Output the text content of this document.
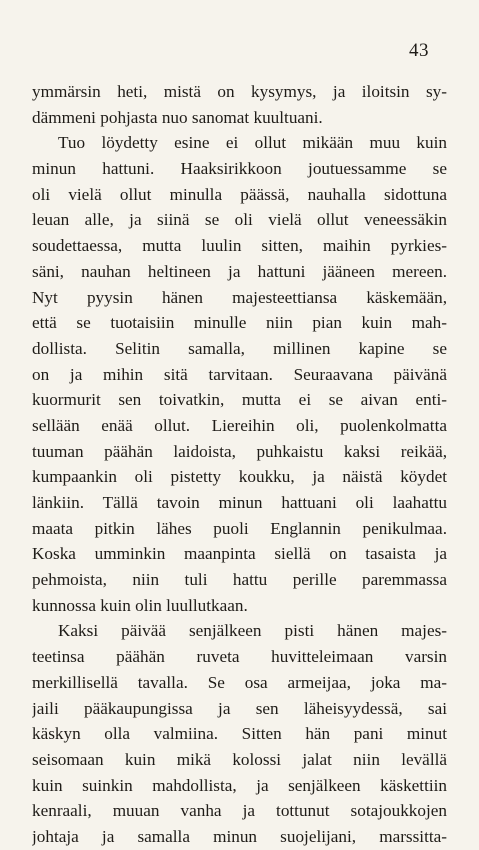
43
ymmärsin heti, mistä on kysymys, ja iloitsin sy-
dämmeni pohjasta nuo sanomat kuultuani.
Tuo löydetty esine ei ollut mikään muu kuin
minun hattuni. Haaksirikkoon joutuessamme se
oli vielä ollut minulla päässä, nauhalla sidottuna
leuan alle, ja siinä se oli vielä ollut veneessäkin
soudettaessa, mutta luulin sitten, maihin pyrkies-
säni, nauhan heltineen ja hattuni jääneen mereen.
Nyt pyysin hänen majesteettiansa käskemään,
että se tuotaisiin minulle niin pian kuin mah-
dollista. Selitin samalla, millinen kapine se
on ja mihin sitä tarvitaan. Seuraavana päivänä
kuormurit sen toivatkin, mutta ei se aivan enti-
sellään enää ollut. Liereihin oli, puolenkolmatta
tuuman päähän laidoista, puhkaistu kaksi reikää,
kumpaankin oli pistetty koukku, ja näistä köydet
länkiin. Tällä tavoin minun hattuani oli laahattu
maata pitkin lähes puoli Englannin penikulmaa.
Koska umminkin maanpinta siellä on tasaista ja
pehmoista, niin tuli hattu perille paremmassa
kunnossa kuin olin luullutkaan.
Kaksi päivää senjälkeen pisti hänen majes-
teetinsa päähän ruveta huvitteleimaan varsin
merkillisellä tavalla. Se osa armeijaa, joka ma-
jaili pääkaupungissa ja sen läheisyydessä, sai
käskyn olla valmiina. Sitten hän pani minut
seisomaan kuin mikä kolossi jalat niin levällä
kuin suinkin mahdollista, ja senjälkeen käskettiin
kenraali, muuan vanha ja tottunut sotajoukkojen
johtaja ja samalla minun suojelijani, marssitta-
